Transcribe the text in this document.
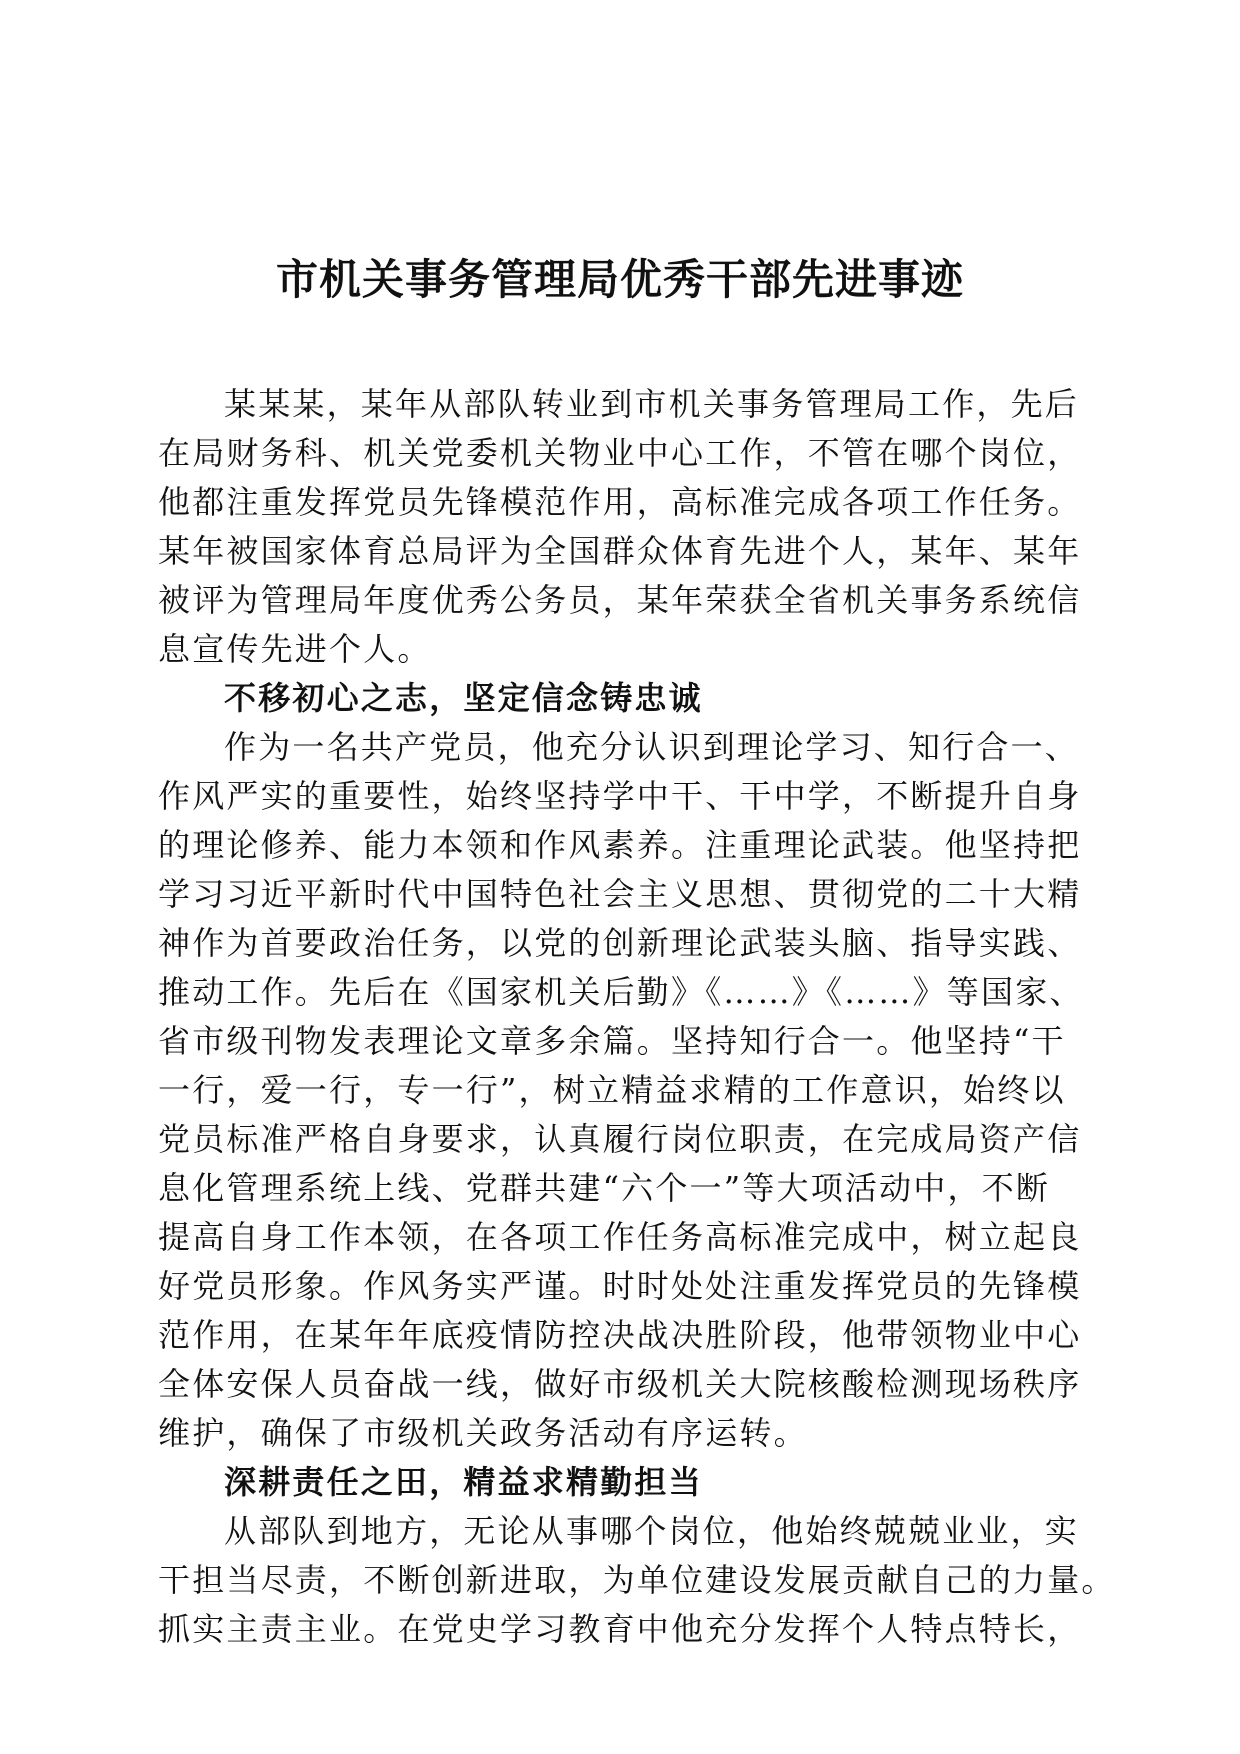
市机关事务管理局优秀干部先进事迹
某某某，某年从部队转业到市机关事务管理局工作，先后
在局财务科、机关党委机关物业中心工作，不管在哪个岗位，
他都注重发挥党员先锋模范作用，高标准完成各项工作任务。
某年被国家体育总局评为全国群众体育先进个人，某年、某年
被评为管理局年度优秀公务员，某年荣获全省机关事务系统信
息宣传先进个人。
不移初心之志，坚定信念铸忠诚
作为一名共产党员，他充分认识到理论学习、知行合一、
作风严实的重要性，始终坚持学中干、干中学，不断提升自身
的理论修养、能力本领和作风素养。注重理论武装。他坚持把
学习习近平新时代中国特色社会主义思想、贯彻党的二十大精
神作为首要政治任务，以党的创新理论武装头脑、指导实践、
推动工作。先后在《国家机关后勤》《……》《……》等国家、
省市级刊物发表理论文章多余篇。坚持知行合一。他坚持“干
一行，爱一行，专一行”，树立精益求精的工作意识，始终以
党员标准严格自身要求，认真履行岗位职责，在完成局资产信
息化管理系统上线、党群共建“六个一”等大项活动中，不断
提高自身工作本领，在各项工作任务高标准完成中，树立起良
好党员形象。作风务实严谨。时时处处注重发挥党员的先锋模
范作用，在某年年底疫情防控决战决胜阶段，他带领物业中心
全体安保人员奋战一线，做好市级机关大院核酸检测现场秩序
维护，确保了市级机关政务活动有序运转。
深耕责任之田，精益求精勤担当
从部队到地方，无论从事哪个岗位，他始终兢兢业业，实
干担当尽责，不断创新进取，为单位建设发展贡献自己的力量。
抓实主责主业。在党史学习教育中他充分发挥个人特点特长，
